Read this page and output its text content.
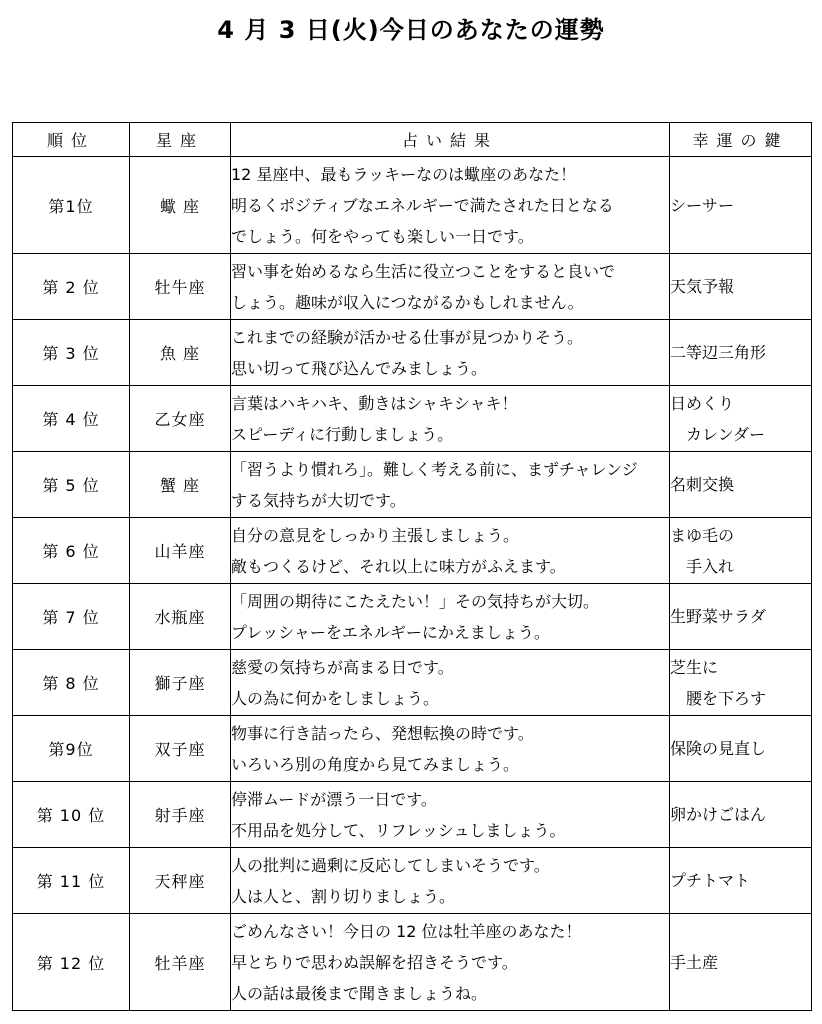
4 月 3 日(火)今日のあなたの運勢
順位	星座	占い結果	幸運の鍵
第1位	蠍 座	12 星座中、最もラッキーなのは蠍座のあなた！
明るくポジティブなエネルギーで満たされた日となる
でしょう。何をやっても楽しい一日です。	シーサー

第 2 位	牡牛座	習い事を始めるなら生活に役立つことをすると良いで
しょう。趣味が収入につながるかもしれません。	天気予報

第 3 位	魚 座	これまでの経験が活かせる仕事が見つかりそう。
思い切って飛び込んでみましょう。	二等辺三角形

第 4 位	乙女座	言葉はハキハキ、動きはシャキシャキ！
スピーディに行動しましょう。	日めくり
カレンダー

第 5 位	蟹 座	「習うより慣れろ」。難しく考える前に、まずチャレンジ
する気持ちが大切です。	名刺交換

第 6 位	山羊座	自分の意見をしっかり主張しましょう。
敵もつくるけど、それ以上に味方がふえます。	まゆ毛の
手入れ

第 7 位	水瓶座	「周囲の期待にこたえたい！」その気持ちが大切。
プレッシャーをエネルギーにかえましょう。	生野菜サラダ

第 8 位	獅子座	慈愛の気持ちが高まる日です。
人の為に何かをしましょう。	芝生に
腰を下ろす

第9位	双子座	物事に行き詰ったら、発想転換の時です。
いろいろ別の角度から見てみましょう。	保険の見直し

第 10 位	射手座	停滞ムードが漂う一日です。
不用品を処分して、リフレッシュしましょう。	卵かけごはん

第 11 位	天秤座	人の批判に過剰に反応してしまいそうです。
人は人と、割り切りましょう。	プチトマト

第 12 位	牡羊座	ごめんなさい！今日の 12 位は牡羊座のあなた！
早とちりで思わぬ誤解を招きそうです。
人の話は最後まで聞きましょうね。	手土産
